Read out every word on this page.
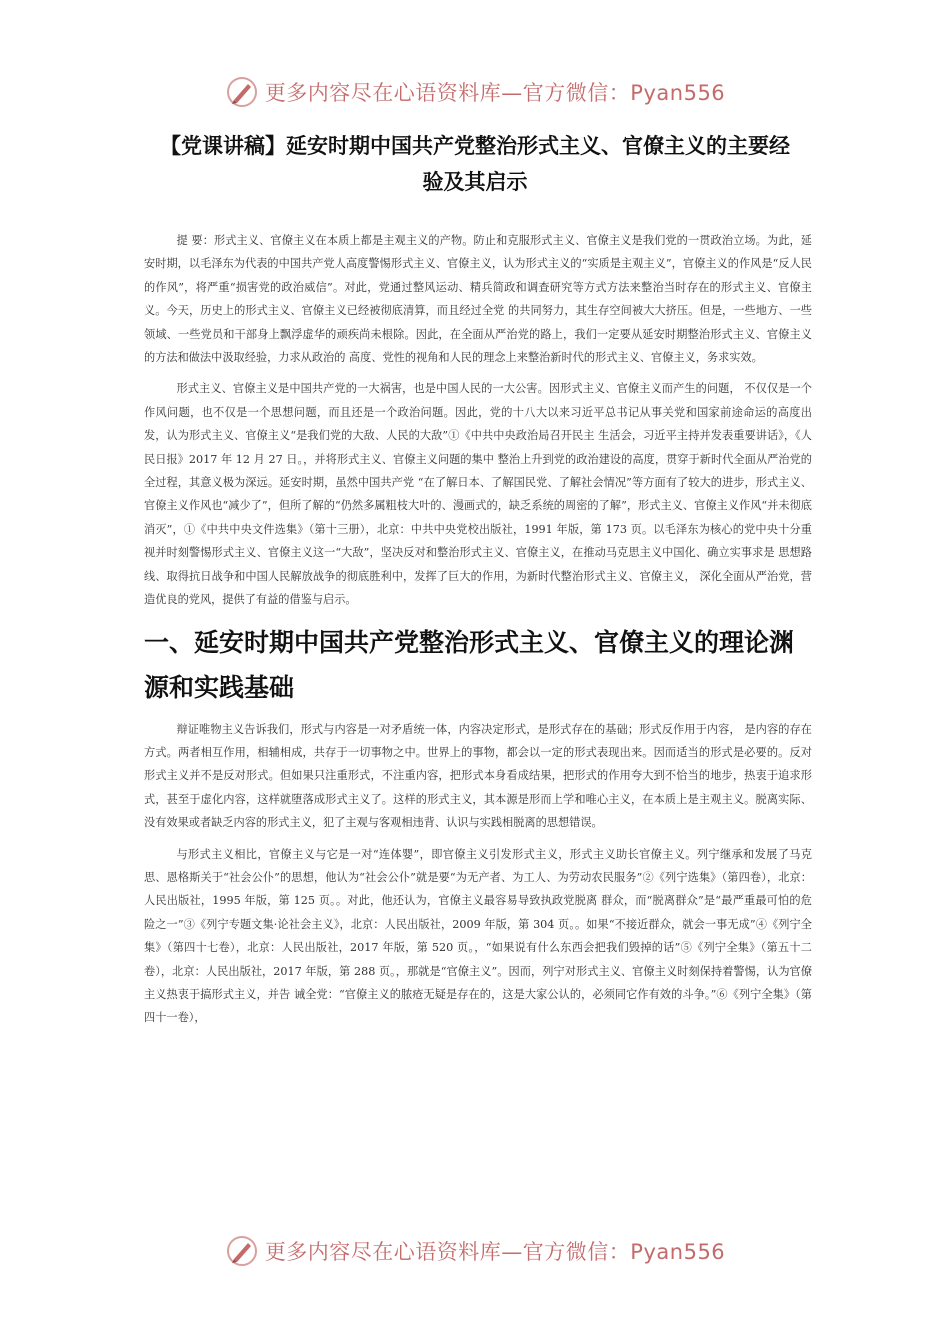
更多内容尽在心语资料库—官方微信：Pyan556
【党课讲稿】延安时期中国共产党整治形式主义、官僚主义的主要经验及其启示

提 要：形式主义、官僚主义在本质上都是主观主义的产物。防止和克服形式主义、官僚主义是我们党的一贯政治立场。为此，延安时期，以毛泽东为代表的中国共产党人高度警惕形式主义、官僚主义，认为形式主义的“实质是主观主义”，官僚主义的作风是“反人民的作风”，将严重“损害党的政治威信”。对此，党通过整风运动、精兵简政和调查研究等方式方法来整治当时存在的形式主义、官僚主义。今天，历史上的形式主义、官僚主义已经被彻底清算，而且经过全党 的共同努力，其生存空间被大大挤压。但是，一些地方、一些领域、一些党员和干部身上飘浮虚华的顽疾尚未根除。因此，在全面从严治党的路上，我们一定要从延安时期整治形式主义、官僚主义的方法和做法中汲取经验，力求从政治的 高度、党性的视角和人民的理念上来整治新时代的形式主义、官僚主义，务求实效。

形式主义、官僚主义是中国共产党的一大祸害，也是中国人民的一大公害。因形式主义、官僚主义而产生的问题， 不仅仅是一个作风问题，也不仅是一个思想问题，而且还是一个政治问题。因此，党的十八大以来习近平总书记从事关党和国家前途命运的高度出发，认为形式主义、官僚主义“是我们党的大敌、人民的大敌”①《中共中央政治局召开民主 生活会，习近平主持并发表重要讲话》，《人民日报》2017 年 12 月 27 日。，并将形式主义、官僚主义问题的集中 整治上升到党的政治建设的高度，贯穿于新时代全面从严治党的全过程，其意义极为深远。延安时期，虽然中国共产党 “在了解日本、了解国民党、了解社会情况”等方面有了较大的进步，形式主义、官僚主义作风也“减少了”，但所了解的“仍然多属粗枝大叶的、漫画式的，缺乏系统的周密的了解”，形式主义、官僚主义作风“并未彻底消灭”，①《中共中央文件选集》（第十三册），北京：中共中央党校出版社，1991 年版，第 173 页。以毛泽东为核心的党中央十分重视并时刻警惕形式主义、官僚主义这一“大敌”，坚决反对和整治形式主义、官僚主义，在推动马克思主义中国化、确立实事求是 思想路线、取得抗日战争和中国人民解放战争的彻底胜利中，发挥了巨大的作用，为新时代整治形式主义、官僚主义， 深化全面从严治党，营造优良的党风，提供了有益的借鉴与启示。

一、延安时期中国共产党整治形式主义、官僚主义的理论渊源和实践基础

辩证唯物主义告诉我们，形式与内容是一对矛盾统一体，内容决定形式，是形式存在的基础；形式反作用于内容， 是内容的存在方式。两者相互作用，相辅相成，共存于一切事物之中。世界上的事物，都会以一定的形式表现出来。因而适当的形式是必要的。反对形式主义并不是反对形式。但如果只注重形式，不注重内容，把形式本身看成结果，把形式的作用夸大到不恰当的地步，热衷于追求形式，甚至于虚化内容，这样就堕落成形式主义了。这样的形式主义，其本源是形而上学和唯心主义，在本质上是主观主义。脱离实际、没有效果或者缺乏内容的形式主义，犯了主观与客观相违背、认识与实践相脱离的思想错误。

与形式主义相比，官僚主义与它是一对“连体婴”，即官僚主义引发形式主义，形式主义助长官僚主义。列宁继承和发展了马克思、恩格斯关于“社会公仆”的思想，他认为“社会公仆”就是要“为无产者、为工人、为劳动农民服务”②《列宁选集》（第四卷），北京：人民出版社，1995 年版，第 125 页。。对此，他还认为，官僚主义最容易导致执政党脱离 群众，而“脱离群众”是“最严重最可怕的危险之一”③《列宁专题文集·论社会主义》，北京：人民出版社，2009 年版，第 304 页。。如果“不接近群众，就会一事无成”④《列宁全集》（第四十七卷），北京：人民出版社，2017 年版，第 520 页。，“如果说有什么东西会把我们毁掉的话”⑤《列宁全集》（第五十二卷），北京：人民出版社，2017 年版，第 288 页。，那就是“官僚主义”。因而，列宁对形式主义、官僚主义时刻保持着警惕，认为官僚主义热衷于搞形式主义，并告 诫全党：“官僚主义的脓疮无疑是存在的，这是大家公认的，必须同它作有效的斗争。”⑥《列宁全集》（第四十一卷），

更多内容尽在心语资料库—官方微信：Pyan556
